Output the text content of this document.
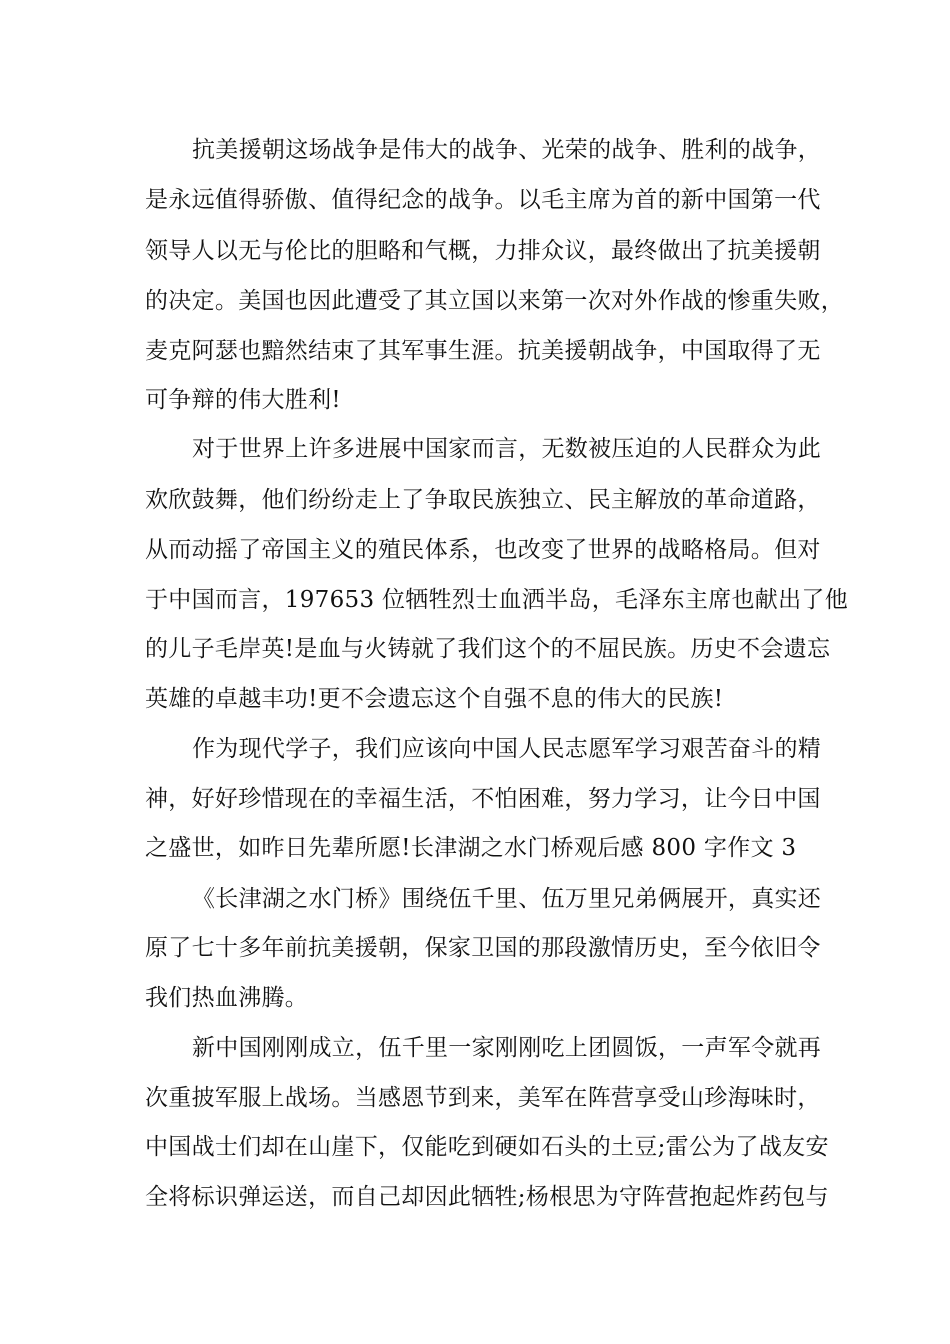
抗美援朝这场战争是伟大的战争、光荣的战争、胜利的战争，
是永远值得骄傲、值得纪念的战争。以毛主席为首的新中国第一代
领导人以无与伦比的胆略和气概，力排众议，最终做出了抗美援朝
的决定。美国也因此遭受了其立国以来第一次对外作战的惨重失败，
麦克阿瑟也黯然结束了其军事生涯。抗美援朝战争，中国取得了无
可争辩的伟大胜利!
对于世界上许多进展中国家而言，无数被压迫的人民群众为此
欢欣鼓舞，他们纷纷走上了争取民族独立、民主解放的革命道路，
从而动摇了帝国主义的殖民体系，也改变了世界的战略格局。但对
于中国而言，197653 位牺牲烈士血洒半岛，毛泽东主席也献出了他
的儿子毛岸英!是血与火铸就了我们这个的不屈民族。历史不会遗忘
英雄的卓越丰功!更不会遗忘这个自强不息的伟大的民族!
作为现代学子，我们应该向中国人民志愿军学习艰苦奋斗的精
神，好好珍惜现在的幸福生活，不怕困难，努力学习，让今日中国
之盛世，如昨日先辈所愿!长津湖之水门桥观后感 800 字作文 3
《长津湖之水门桥》围绕伍千里、伍万里兄弟俩展开，真实还
原了七十多年前抗美援朝，保家卫国的那段激情历史，至今依旧令
我们热血沸腾。
新中国刚刚成立，伍千里一家刚刚吃上团圆饭，一声军令就再
次重披军服上战场。当感恩节到来，美军在阵营享受山珍海味时，
中国战士们却在山崖下，仅能吃到硬如石头的土豆;雷公为了战友安
全将标识弹运送，而自己却因此牺牲;杨根思为守阵营抱起炸药包与
